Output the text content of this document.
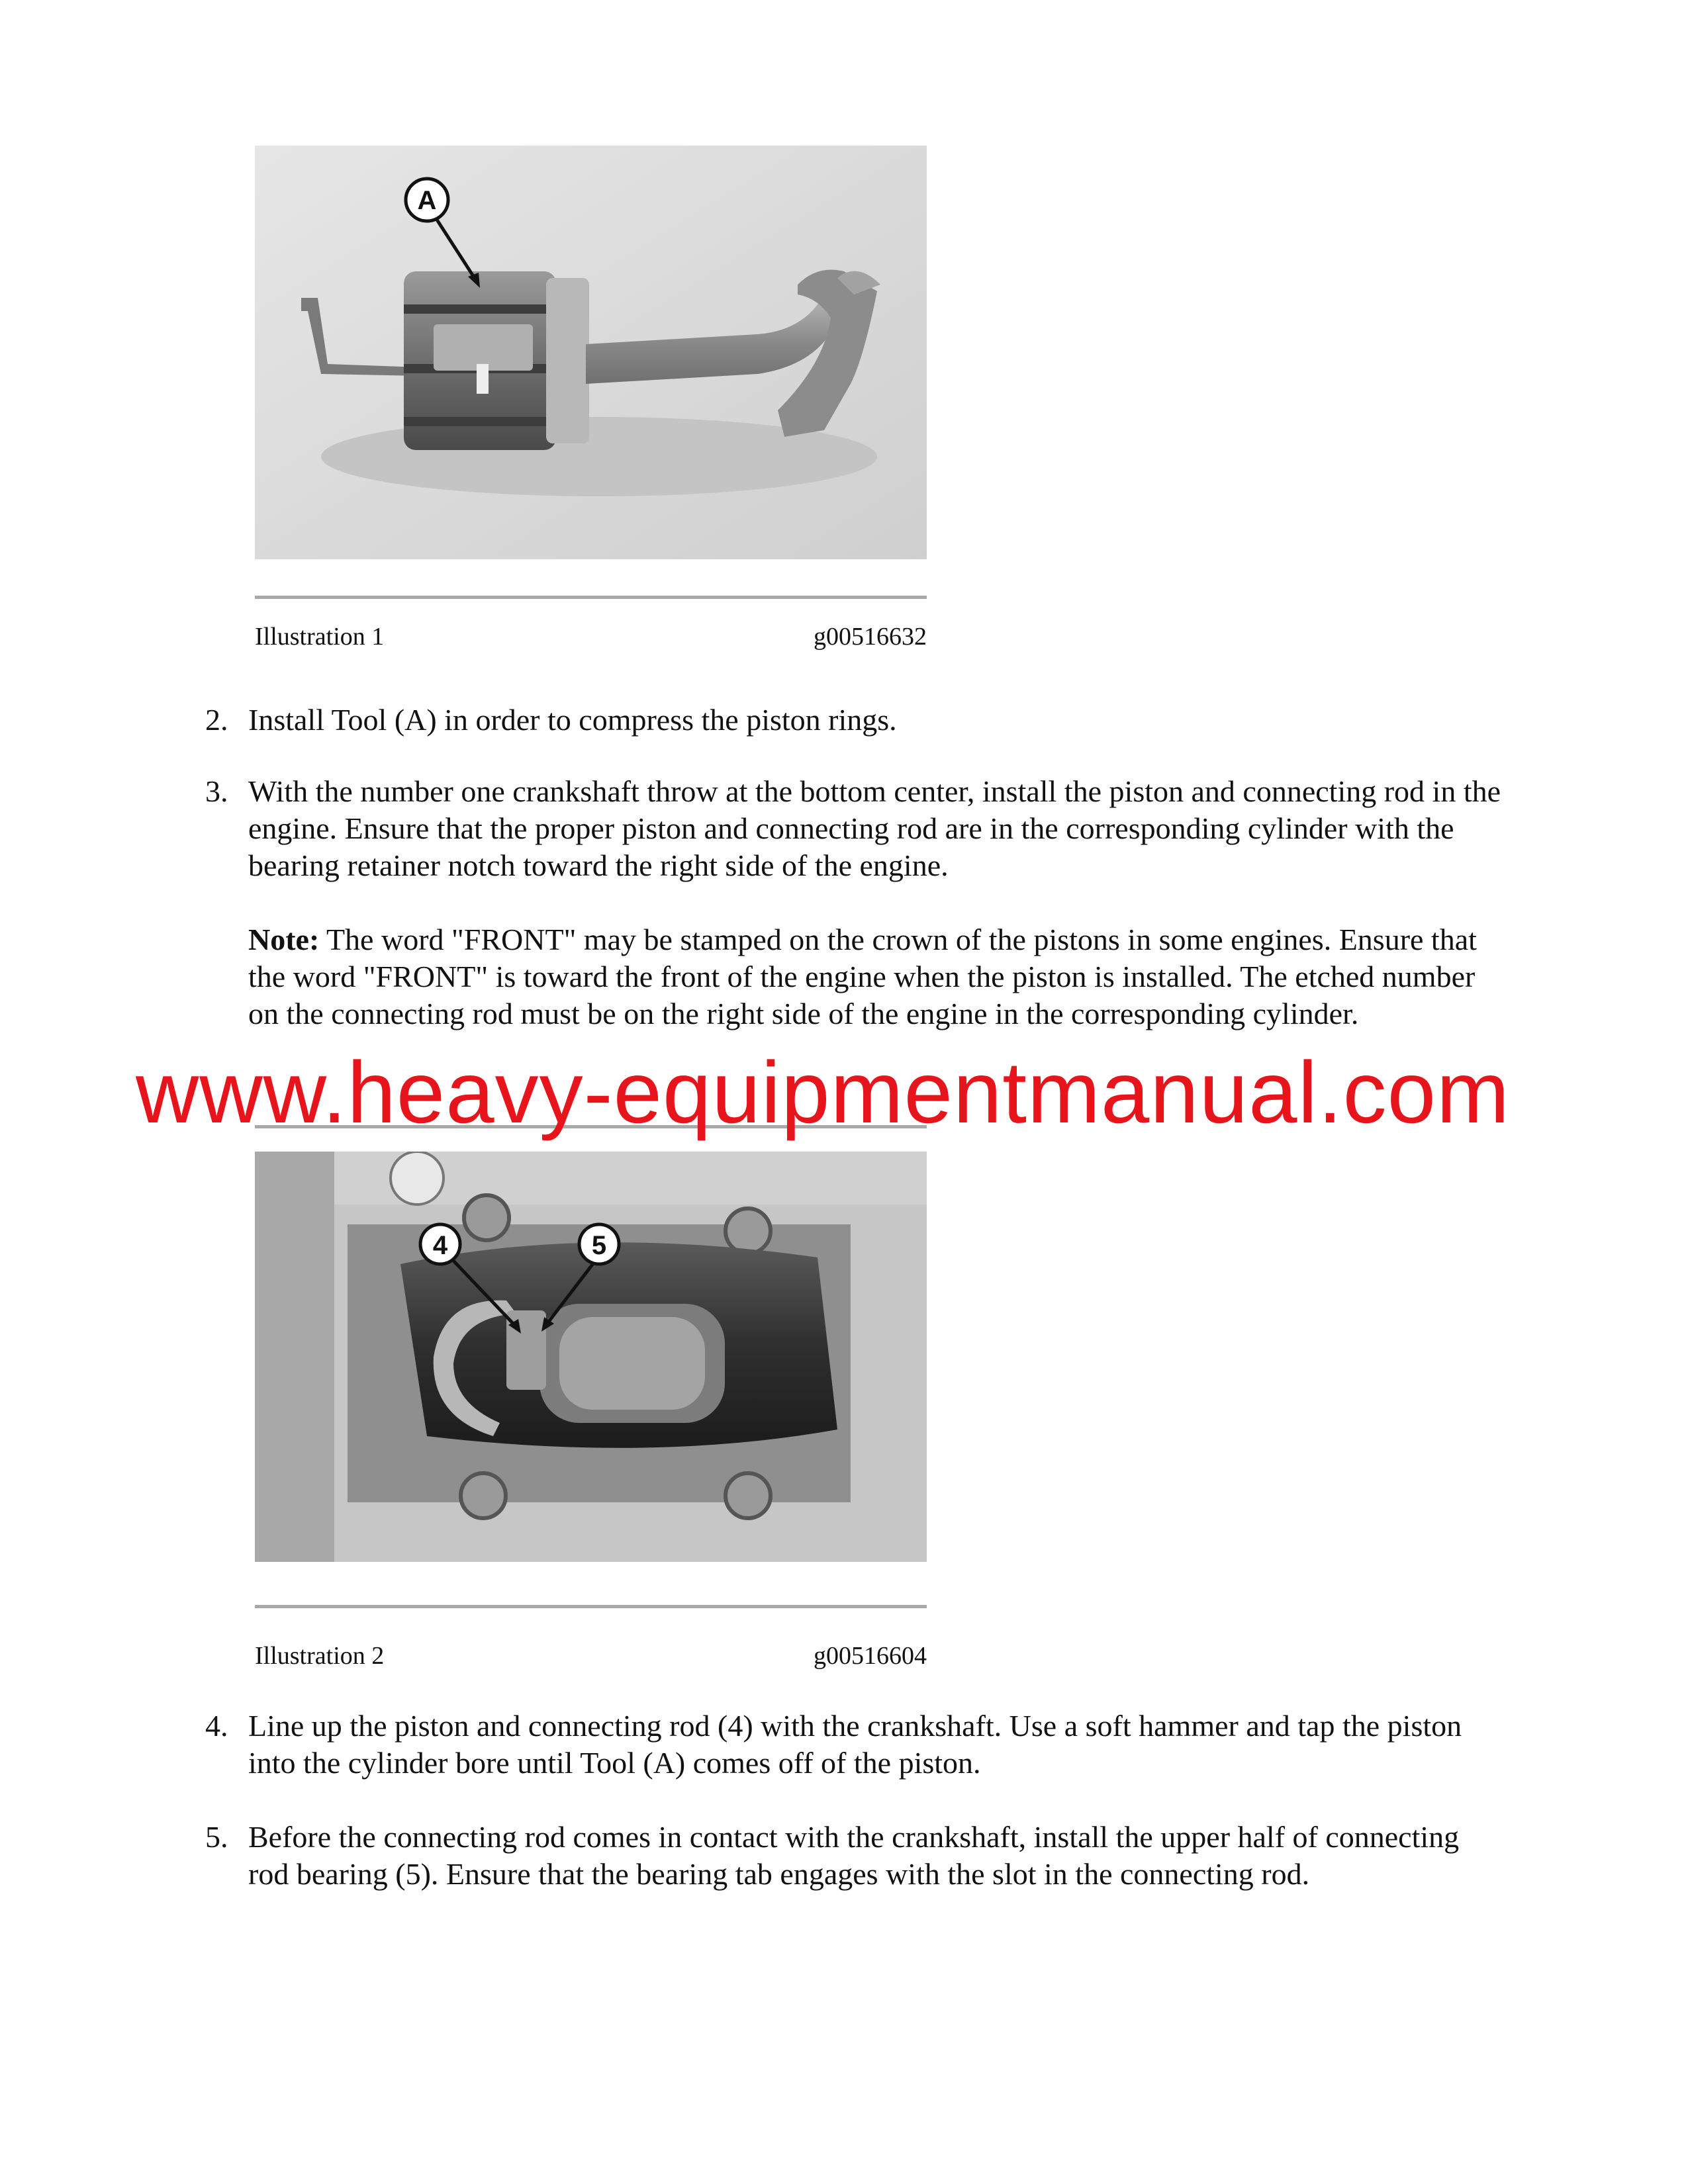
A
Illustration 1	g00516632
2. Install Tool (A) in order to compress the piston rings.
3. With the number one crankshaft throw at the bottom center, install the piston and connecting rod in the engine. Ensure that the proper piston and connecting rod are in the corresponding cylinder with the bearing retainer notch toward the right side of the engine.
Note: The word "FRONT" may be stamped on the crown of the pistons in some engines. Ensure that the word "FRONT" is toward the front of the engine when the piston is installed. The etched number on the connecting rod must be on the right side of the engine in the corresponding cylinder.
4	5
Illustration 2	g00516604
4. Line up the piston and connecting rod (4) with the crankshaft. Use a soft hammer and tap the piston into the cylinder bore until Tool (A) comes off of the piston.
5. Before the connecting rod comes in contact with the crankshaft, install the upper half of connecting rod bearing (5). Ensure that the bearing tab engages with the slot in the connecting rod.
www.heavy-equipmentmanual.com
